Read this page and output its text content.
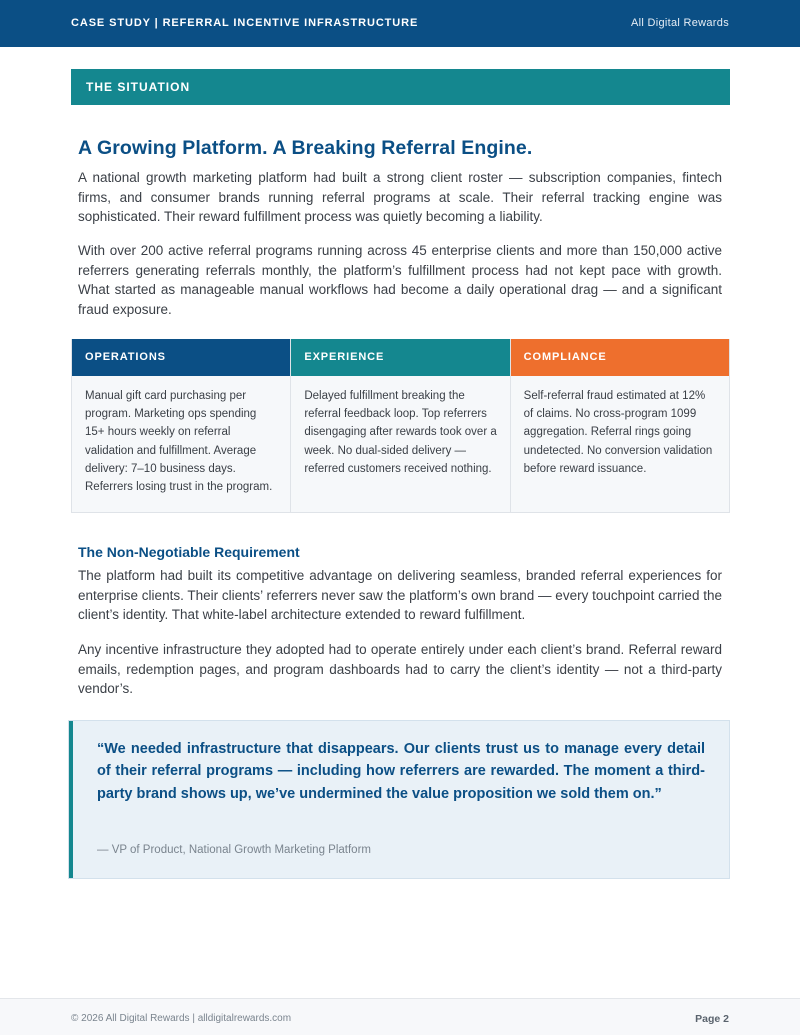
CASE STUDY | REFERRAL INCENTIVE INFRASTRUCTURE	All Digital Rewards
THE SITUATION
A Growing Platform. A Breaking Referral Engine.

A national growth marketing platform had built a strong client roster — subscription companies, fintech firms, and consumer brands running referral programs at scale. Their referral tracking engine was sophisticated. Their reward fulfillment process was quietly becoming a liability.

With over 200 active referral programs running across 45 enterprise clients and more than 150,000 active referrers generating referrals monthly, the platform’s fulfillment process had not kept pace with growth. What started as manageable manual workflows had become a daily operational drag — and a significant fraud exposure.

OPERATIONS
Manual gift card purchasing per program. Marketing ops spending 15+ hours weekly on referral validation and fulfillment. Average delivery: 7–10 business days. Referrers losing trust in the program.
EXPERIENCE
Delayed fulfillment breaking the referral feedback loop. Top referrers disengaging after rewards took over a week. No dual-sided delivery — referred customers received nothing.
COMPLIANCE
Self-referral fraud estimated at 12% of claims. No cross-program 1099 aggregation. Referral rings going undetected. No conversion validation before reward issuance.
The Non-Negotiable Requirement

The platform had built its competitive advantage on delivering seamless, branded referral experiences for enterprise clients. Their clients’ referrers never saw the platform’s own brand — every touchpoint carried the client’s identity. That white-label architecture extended to reward fulfillment.

Any incentive infrastructure they adopted had to operate entirely under each client’s brand. Referral reward emails, redemption pages, and program dashboards had to carry the client’s identity — not a third-party vendor’s.

“We needed infrastructure that disappears. Our clients trust us to manage every detail of their referral programs — including how referrers are rewarded. The moment a third-party brand shows up, we’ve undermined the value proposition we sold them on.”

— VP of Product, National Growth Marketing Platform
© 2026 All Digital Rewards | alldigitalrewards.com	Page 2
